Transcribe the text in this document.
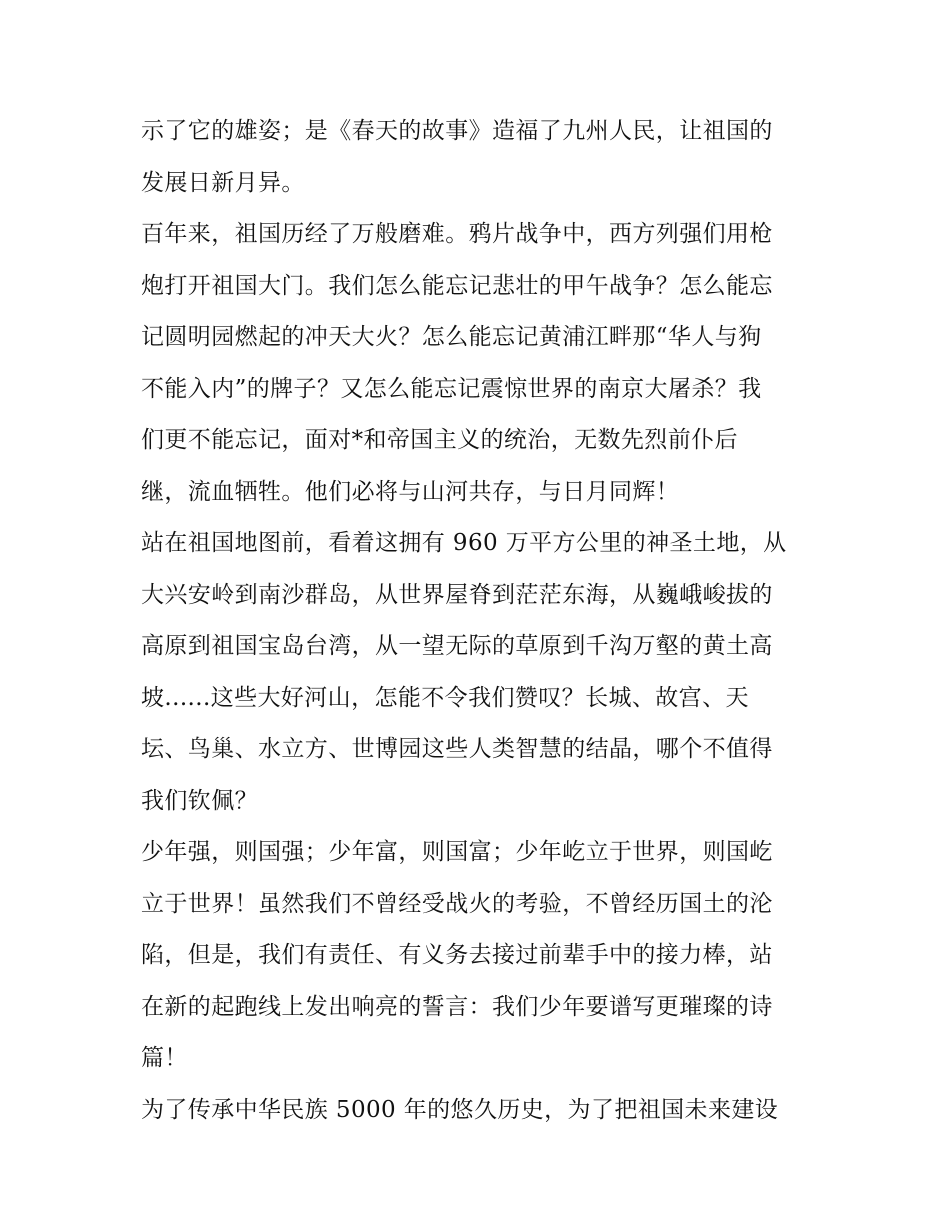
示了它的雄姿；是《春天的故事》造福了九州人民，让祖国的
发展日新月异。
百年来，祖国历经了万般磨难。鸦片战争中，西方列强们用枪
炮打开祖国大门。我们怎么能忘记悲壮的甲午战争？怎么能忘
记圆明园燃起的冲天大火？怎么能忘记黄浦江畔那“华人与狗
不能入内”的牌子？又怎么能忘记震惊世界的南京大屠杀？我
们更不能忘记，面对*和帝国主义的统治，无数先烈前仆后
继，流血牺牲。他们必将与山河共存，与日月同辉！
站在祖国地图前，看着这拥有 960 万平方公里的神圣土地，从
大兴安岭到南沙群岛，从世界屋脊到茫茫东海，从巍峨峻拔的
高原到祖国宝岛台湾，从一望无际的草原到千沟万壑的黄土高
坡......这些大好河山，怎能不令我们赞叹？长城、故宫、天
坛、鸟巢、水立方、世博园这些人类智慧的结晶，哪个不值得
我们钦佩？
少年强，则国强；少年富，则国富；少年屹立于世界，则国屹
立于世界！虽然我们不曾经受战火的考验，不曾经历国土的沦
陷，但是，我们有责任、有义务去接过前辈手中的接力棒，站
在新的起跑线上发出响亮的誓言：我们少年要谱写更璀璨的诗
篇！
为了传承中华民族 5000 年的悠久历史，为了把祖国未来建设
